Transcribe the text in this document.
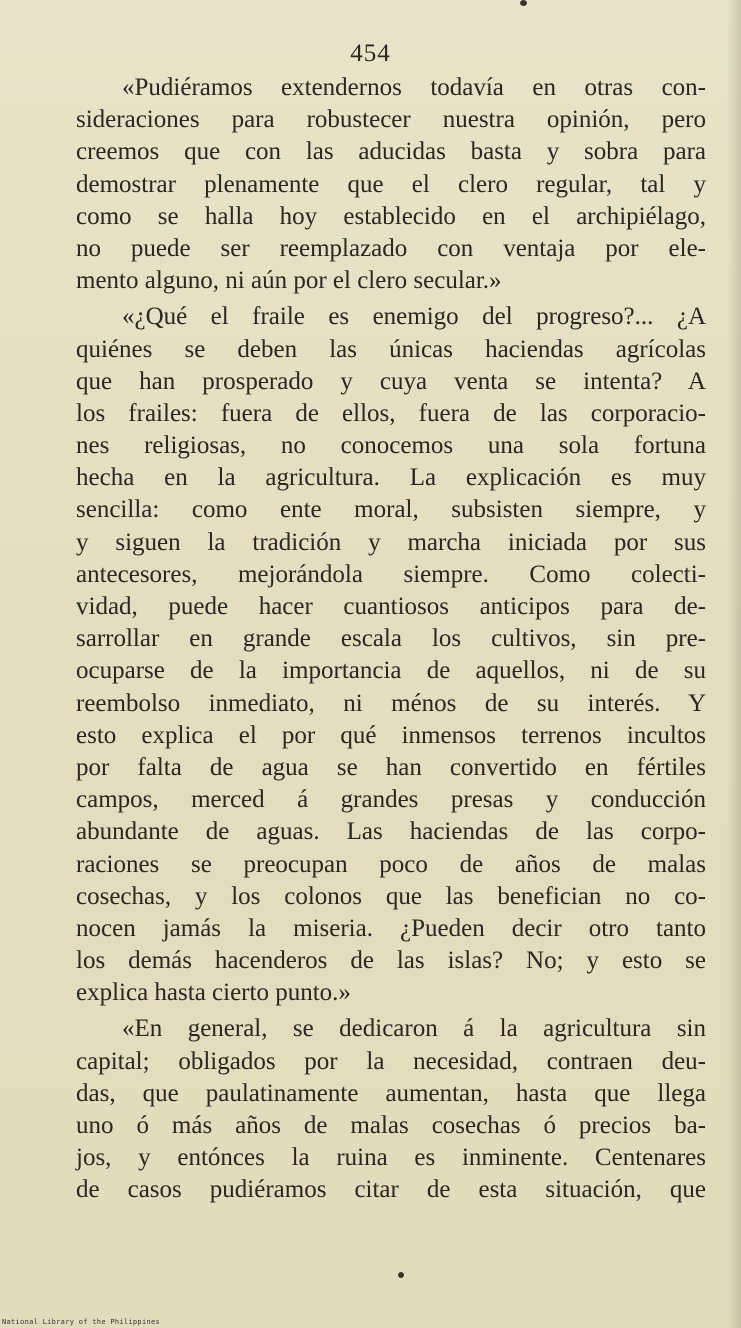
454
«Pudiéramos extendernos todavía en otras con-
sideraciones para robustecer nuestra opinión, pero
creemos que con las aducidas basta y sobra para
demostrar plenamente que el clero regular, tal y
como se halla hoy establecido en el archipiélago,
no puede ser reemplazado con ventaja por ele-
mento alguno, ni aún por el clero secular.»
«¿Qué el fraile es enemigo del progreso?... ¿A
quiénes se deben las únicas haciendas agrícolas
que han prosperado y cuya venta se intenta? A
los frailes: fuera de ellos, fuera de las corporacio-
nes religiosas, no conocemos una sola fortuna
hecha en la agricultura. La explicación es muy
sencilla: como ente moral, subsisten siempre, y
y siguen la tradición y marcha iniciada por sus
antecesores, mejorándola siempre. Como colecti-
vidad, puede hacer cuantiosos anticipos para de-
sarrollar en grande escala los cultivos, sin pre-
ocuparse de la importancia de aquellos, ni de su
reembolso inmediato, ni ménos de su interés. Y
esto explica el por qué inmensos terrenos incultos
por falta de agua se han convertido en fértiles
campos, merced á grandes presas y conducción
abundante de aguas. Las haciendas de las corpo-
raciones se preocupan poco de años de malas
cosechas, y los colonos que las benefician no co-
nocen jamás la miseria. ¿Pueden decir otro tanto
los demás hacenderos de las islas? No; y esto se
explica hasta cierto punto.»
«En general, se dedicaron á la agricultura sin
capital; obligados por la necesidad, contraen deu-
das, que paulatinamente aumentan, hasta que llega
uno ó más años de malas cosechas ó precios ba-
jos, y entónces la ruina es inminente. Centenares
de casos pudiéramos citar de esta situación, que
National Library of the Philippines
